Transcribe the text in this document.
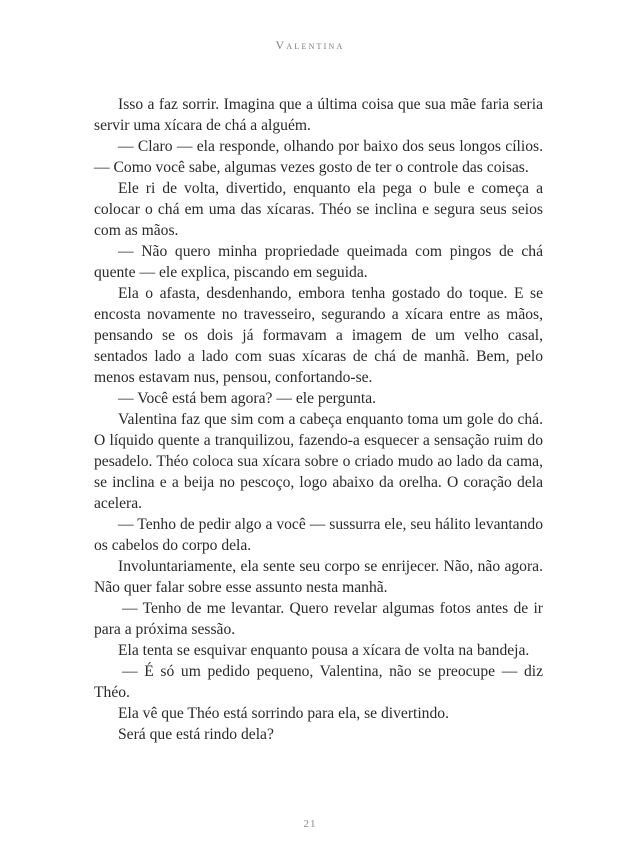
Valentina

Isso a faz sorrir. Imagina que a última coisa que sua mãe faria seria servir uma xícara de chá a alguém.

— Claro — ela responde, olhando por baixo dos seus longos cílios. — Como você sabe, algumas vezes gosto de ter o controle das coisas.

Ele ri de volta, divertido, enquanto ela pega o bule e começa a colocar o chá em uma das xícaras. Théo se inclina e segura seus seios com as mãos.

— Não quero minha propriedade queimada com pingos de chá quente — ele explica, piscando em seguida.

Ela o afasta, desdenhando, embora tenha gostado do toque. E se encosta novamente no travesseiro, segurando a xícara entre as mãos, pensando se os dois já formavam a imagem de um velho casal, sentados lado a lado com suas xícaras de chá de manhã. Bem, pelo menos estavam nus, pensou, confortando-se.

— Você está bem agora? — ele pergunta.

Valentina faz que sim com a cabeça enquanto toma um gole do chá. O líquido quente a tranquilizou, fazendo-a esquecer a sensação ruim do pesadelo. Théo coloca sua xícara sobre o criado mudo ao lado da cama, se inclina e a beija no pescoço, logo abaixo da orelha. O coração dela acelera.

— Tenho de pedir algo a você — sussurra ele, seu hálito levantando os cabelos do corpo dela.

Involuntariamente, ela sente seu corpo se enrijecer. Não, não agora. Não quer falar sobre esse assunto nesta manhã.

— Tenho de me levantar. Quero revelar algumas fotos antes de ir para a próxima sessão.

Ela tenta se esquivar enquanto pousa a xícara de volta na bandeja.

— É só um pedido pequeno, Valentina, não se preocupe — diz Théo.

Ela vê que Théo está sorrindo para ela, se divertindo.

Será que está rindo dela?

21
